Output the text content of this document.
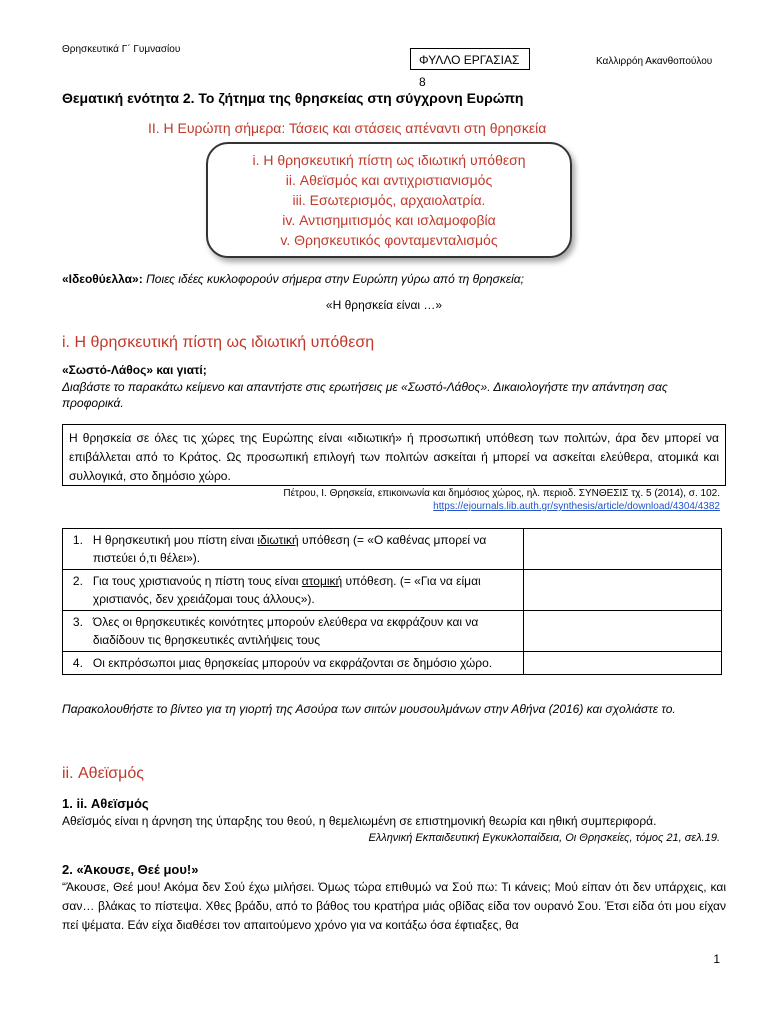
Θρησκευτικά Γ΄ Γυμνασίου
ΦΥΛΛΟ ΕΡΓΑΣΙΑΣ 8
Καλλιρρόη Ακανθοπούλου
Θεματική ενότητα 2. Το ζήτημα της θρησκείας στη σύγχρονη Ευρώπη
ΙΙ. Η Ευρώπη σήμερα: Τάσεις και στάσεις απέναντι στη θρησκεία
i. Η θρησκευτική πίστη ως ιδιωτική υπόθεση
ii. Αθεϊσμός και αντιχριστιανισμός
iii. Εσωτερισμός, αρχαιολατρία.
iv. Αντισημιτισμός και ισλαμοφοβία
v. Θρησκευτικός φονταμενταλισμός
«Ιδεοθύελλα»: Ποιες ιδέες κυκλοφορούν σήμερα στην Ευρώπη γύρω από τη θρησκεία;
«Η θρησκεία είναι …»
i. Η θρησκευτική πίστη ως ιδιωτική υπόθεση
«Σωστό-Λάθος» και γιατί;
Διαβάστε το παρακάτω κείμενο και απαντήστε στις ερωτήσεις με «Σωστό-Λάθος». Δικαιολογήστε την απάντηση σας προφορικά.
Η θρησκεία σε όλες τις χώρες της Ευρώπης είναι «ιδιωτική» ή προσωπική υπόθεση των πολιτών, άρα δεν μπορεί να επιβάλλεται από το Κράτος. Ως προσωπική επιλογή των πολιτών ασκείται ή μπορεί να ασκείται ελεύθερα, ατομικά και συλλογικά, στο δημόσιο χώρο.
Πέτρου, Ι. Θρησκεία, επικοινωνία και δημόσιος χώρος, ηλ. περιοδ. ΣΥΝΘΕΣΙΣ τχ. 5 (2014), σ. 102.
https://ejournals.lib.auth.gr/synthesis/article/download/4304/4382
1.	Η θρησκευτική μου πίστη είναι ιδιωτική υπόθεση (= «Ο καθένας μπορεί να πιστεύει ό,τι θέλει»).	
2.	Για τους χριστιανούς η πίστη τους είναι ατομική υπόθεση. (= «Για να είμαι χριστιανός, δεν χρειάζομαι τους άλλους»).	
3.	Όλες οι θρησκευτικές κοινότητες μπορούν ελεύθερα να εκφράζουν και να διαδίδουν τις θρησκευτικές αντιλήψεις τους	
4.	Οι εκπρόσωποι μιας θρησκείας μπορούν να εκφράζονται σε δημόσιο χώρο.	
Παρακολουθήστε το βίντεο για τη γιορτή της Ασούρα των σιιτών μουσουλμάνων στην Αθήνα (2016) και σχολιάστε το.
ii. Αθεϊσμός
1. ii. Αθεϊσμός
Αθεϊσμός είναι η άρνηση της ύπαρξης του θεού, η θεμελιωμένη σε επιστημονική θεωρία και ηθική συμπεριφορά.
Ελληνική Εκπαιδευτική Εγκυκλοπαίδεια, Οι Θρησκείες, τόμος 21, σελ.19.
2. «Άκουσε, Θεέ μου!»
“Άκουσε, Θεέ μου! Ακόμα δεν Σού έχω μιλήσει. Όμως τώρα επιθυμώ να Σού πω: Τι κάνεις; Μού είπαν ότι δεν υπάρχεις, και σαν… βλάκας το πίστεψα. Χθες βράδυ, από το βάθος του κρατήρα μιάς οβίδας είδα τον ουρανό Σου. Έτσι είδα ότι μου είχαν πεί ψέματα. Εάν είχα διαθέσει τον απαιτούμενο χρόνο για να κοιτάξω όσα έφτιαξες, θα
1
